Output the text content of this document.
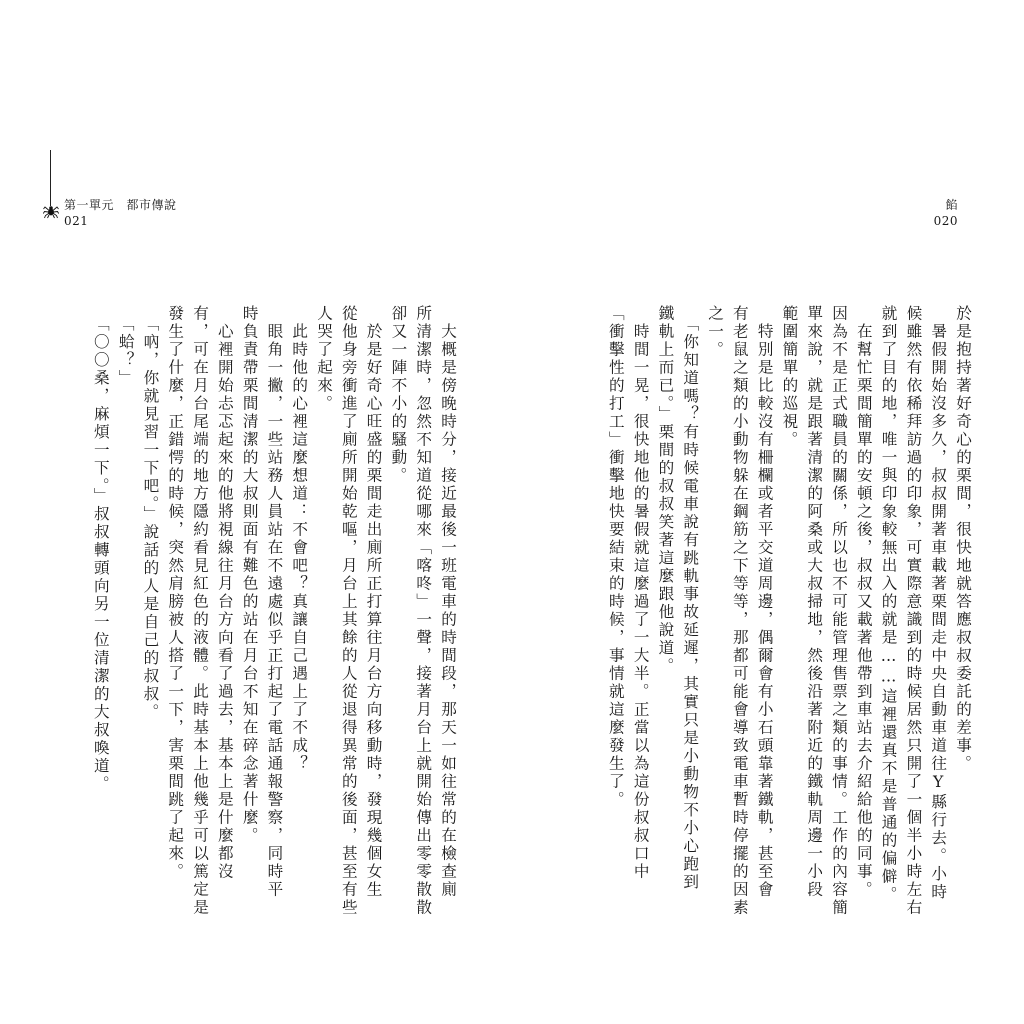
第一單元　都市傳說
021
餡
020

於是抱持著好奇心的栗間，很快地就答應叔叔委託的差事。

　暑假開始沒多久，叔叔開著車載著栗間走中央自動車道往Y縣行去。小時

候雖然有依稀拜訪過的印象，可實際意識到的時候居然只開了一個半小時左右

就到了目的地，唯一與印象較無出入的就是……這裡還真不是普通的偏僻。

　在幫忙栗間簡單的安頓之後，叔叔又載著他帶到車站去介紹給他的同事。

因為不是正式職員的關係，所以也不可能管理售票之類的事情。工作的內容簡

單來說，就是跟著清潔的阿桑或大叔掃地，然後沿著附近的鐵軌周邊一小段

範圍簡單的巡視。

　特別是比較沒有柵欄或者平交道周邊，偶爾會有小石頭靠著鐵軌，甚至會

有老鼠之類的小動物躲在鋼筋之下等等，那都可能會導致電車暫時停擺的因素

之一。

　「你知道嗎？有時候電車說有跳軌事故延遲，其實只是小動物不小心跑到

鐵軌上而已。」栗間的叔叔笑著這麼跟他說道。

　時間一晃，很快地他的暑假就這麼過了一大半。正當以為這份叔叔口中

「衝擊性的打工」衝擊地快要結束的時候，事情就這麼發生了。

　大概是傍晚時分，接近最後一班電車的時間段，那天一如往常的在檢查廁

所清潔時，忽然不知道從哪來「喀咚」一聲，接著月台上就開始傳出零零散散

卻又一陣不小的騷動。

　於是好奇心旺盛的栗間走出廁所正打算往月台方向移動時，發現幾個女生

從他身旁衝進了廁所開始乾嘔，月台上其餘的人從退得異常的後面，甚至有些

人哭了起來。

　此時他的心裡這麼想道：不會吧？真讓自己遇上了不成？

　眼角一撇，一些站務人員站在不遠處似乎正打起了電話通報警察，同時平

時負責帶栗間清潔的大叔則面有難色的站在月台不知在碎念著什麼。

　心裡開始忐忑起來的他將視線往月台方向看了過去，基本上是什麼都沒

有，可在月台尾端的地方隱約看見紅色的液體。此時基本上他幾乎可以篤定是

發生了什麼，正錯愕的時候，突然肩膀被人搭了一下，害栗間跳了起來。

　「吶，你就見習一下吧。」說話的人是自己的叔叔。

　「蛤？」

　「〇〇桑，麻煩一下。」叔叔轉頭向另一位清潔的大叔喚道。
